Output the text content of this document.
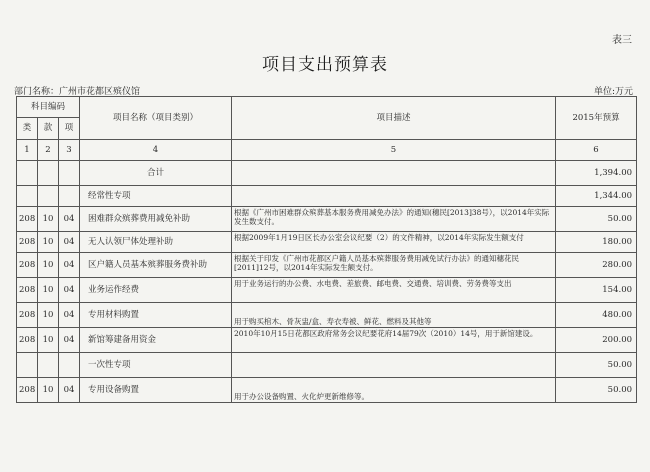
表三
项目支出预算表
部门名称：广州市花都区殡仪馆	单位:万元
科目编码			项目名称（项目类别）	项目描述	2015年预算
类	款	项			
1	2	3	4	5	6
			合计		1,394.00
			经常性专项		1,344.00
208	10	04	困难群众殡葬费用减免补助	根据《广州市困难群众殡葬基本服务费用减免办法》的通知(穗民[2013]38号），以2014年实际发生数支付。	50.00
208	10	04	无人认领尸体处理补助	根据2009年1月19日区长办公室会议纪要（2）的文件精神，以2014年实际发生额支付	180.00
208	10	04	区户籍人员基本殡葬服务费补助	根据关于印发《广州市花都区户籍人员基本殡葬服务费用减免试行办法》的通知穗花民[2011]12号，以2014年实际发生额支付。	280.00
208	10	04	业务运作经费	用于业务运行的办公费、水电费、差旅费、邮电费、交通费、培训费、劳务费等支出	154.00
208	10	04	专用材料购置	用于购买棺木、骨灰盅/盒、寿衣寿被、鲜花、燃料及其他等	480.00
208	10	04	新馆筹建备用资金	2010年10月15日花都区政府常务会议纪要花府14届79次（2010）14号，用于新馆建设。	200.00
			一次性专项		50.00
208	10	04	专用设备购置	用于办公设备购置、火化炉更新维修等。	50.00
